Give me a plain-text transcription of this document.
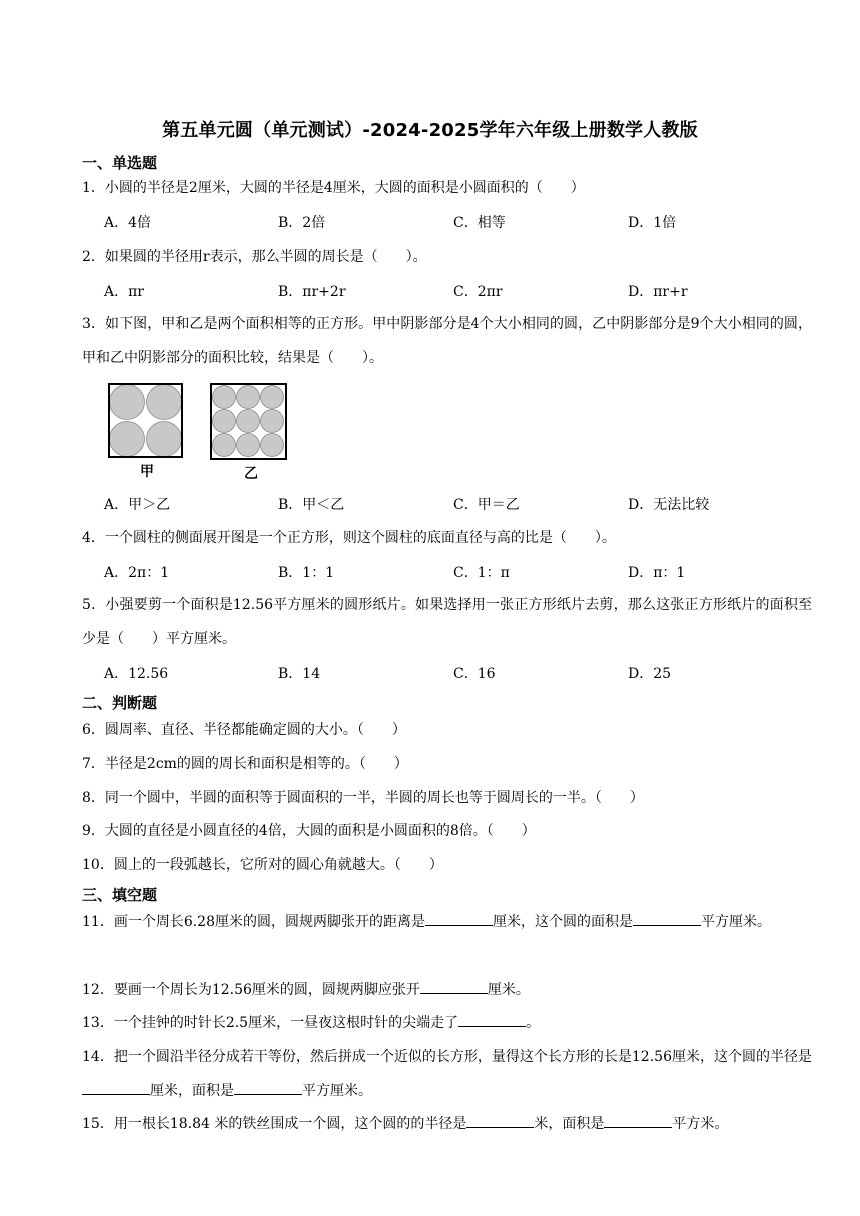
第五单元圆（单元测试）-2024-2025学年六年级上册数学人教版
一、单选题
1．小圆的半径是2厘米，大圆的半径是4厘米，大圆的面积是小圆面积的（　　）
A．4倍	B．2倍	C．相等	D．1倍
2．如果圆的半径用r表示，那么半圆的周长是（　　）。
A．πr	B．πr+2r	C．2πr	D．πr+r
3．如下图，甲和乙是两个面积相等的正方形。甲中阴影部分是4个大小相同的圆，乙中阴影部分是9个大小相同的圆，甲和乙中阴影部分的面积比较，结果是（　　）。
甲	乙
A．甲＞乙	B．甲＜乙	C．甲＝乙	D．无法比较
4．一个圆柱的侧面展开图是一个正方形，则这个圆柱的底面直径与高的比是（　　）。
A．2π：1	B．1：1	C．1：π	D．π：1
5．小强要剪一个面积是12.56平方厘米的圆形纸片。如果选择用一张正方形纸片去剪，那么这张正方形纸片的面积至少是（　　）平方厘米。
A．12.56	B．14	C．16	D．25
二、判断题
6．圆周率、直径、半径都能确定圆的大小。（　　）
7．半径是2cm的圆的周长和面积是相等的。（　　）
8．同一个圆中，半圆的面积等于圆面积的一半，半圆的周长也等于圆周长的一半。（　　）
9．大圆的直径是小圆直径的4倍，大圆的面积是小圆面积的8倍。（　　）
10．圆上的一段弧越长，它所对的圆心角就越大。（　　）
三、填空题
11．画一个周长6.28厘米的圆，圆规两脚张开的距离是	厘米，这个圆的面积是	平方厘米。
12．要画一个周长为12.56厘米的圆，圆规两脚应张开	厘米。
13．一个挂钟的时针长2.5厘米，一昼夜这根时针的尖端走了	。
14．把一个圆沿半径分成若干等份，然后拼成一个近似的长方形，量得这个长方形的长是12.56厘米，这个圆的半径是厘米，面积是	平方厘米。
15．用一根长18.84 米的铁丝围成一个圆，这个圆的的半径是	米，面积是	平方米。
